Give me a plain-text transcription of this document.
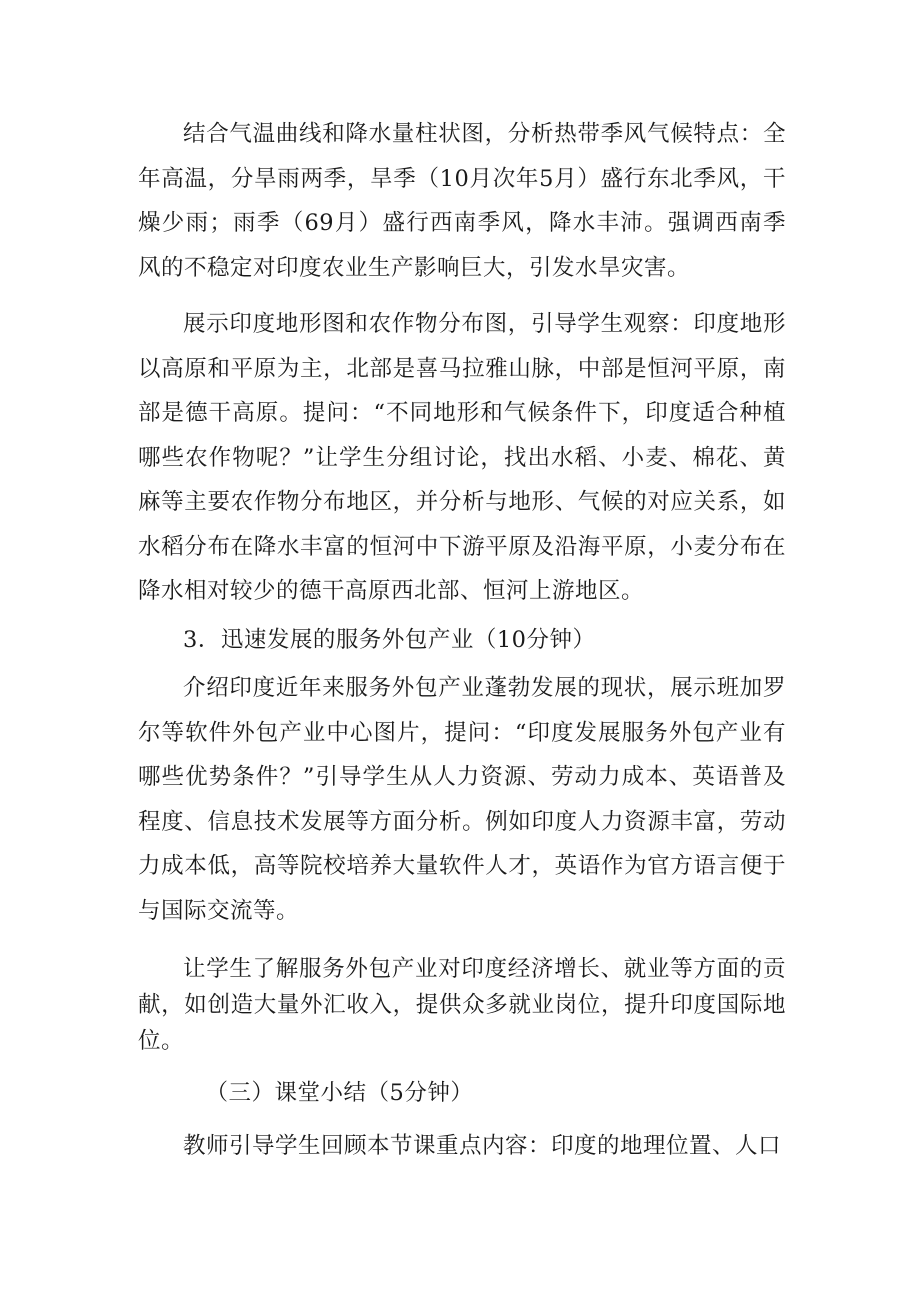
结合气温曲线和降水量柱状图，分析热带季风气候特点：全年高温，分旱雨两季，旱季（10月次年5月）盛行东北季风，干燥少雨；雨季（69月）盛行西南季风，降水丰沛。强调西南季风的不稳定对印度农业生产影响巨大，引发水旱灾害。

展示印度地形图和农作物分布图，引导学生观察：印度地形以高原和平原为主，北部是喜马拉雅山脉，中部是恒河平原，南部是德干高原。提问：“不同地形和气候条件下，印度适合种植哪些农作物呢？”让学生分组讨论，找出水稻、小麦、棉花、黄麻等主要农作物分布地区，并分析与地形、气候的对应关系，如水稻分布在降水丰富的恒河中下游平原及沿海平原，小麦分布在降水相对较少的德干高原西北部、恒河上游地区。

3．迅速发展的服务外包产业（10分钟）

介绍印度近年来服务外包产业蓬勃发展的现状，展示班加罗尔等软件外包产业中心图片，提问：“印度发展服务外包产业有哪些优势条件？”引导学生从人力资源、劳动力成本、英语普及程度、信息技术发展等方面分析。例如印度人力资源丰富，劳动力成本低，高等院校培养大量软件人才，英语作为官方语言便于与国际交流等。

让学生了解服务外包产业对印度经济增长、就业等方面的贡献，如创造大量外汇收入，提供众多就业岗位，提升印度国际地位。

（三）课堂小结（5分钟）

教师引导学生回顾本节课重点内容：印度的地理位置、人口
